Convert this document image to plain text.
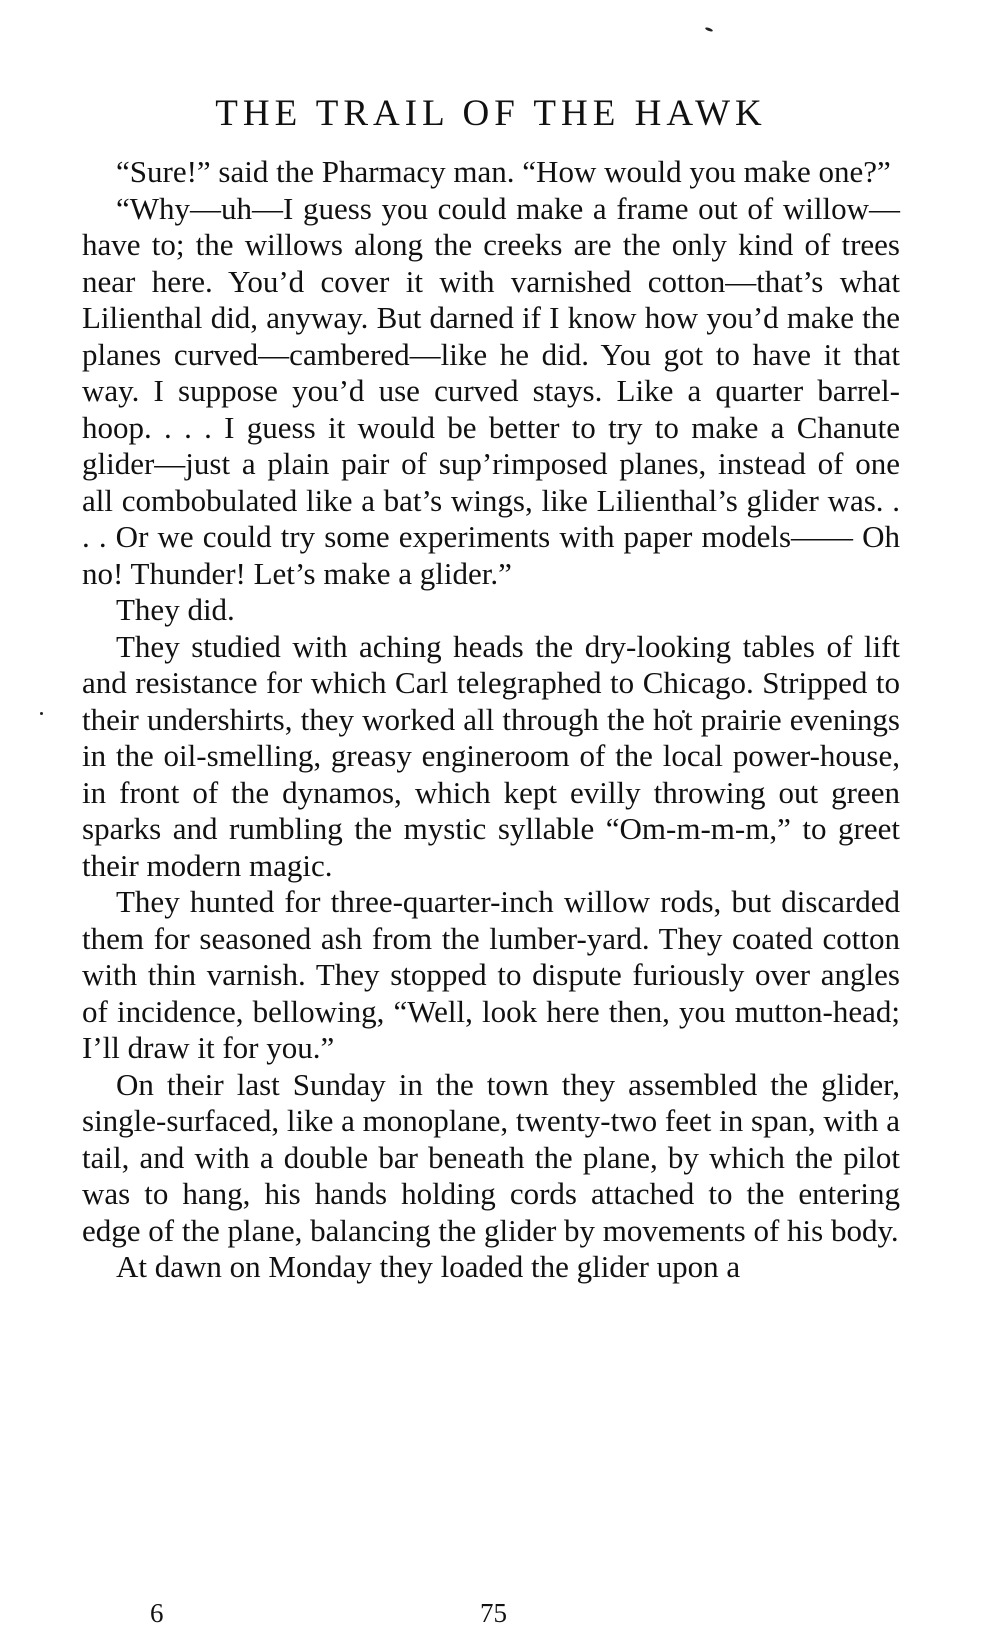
THE TRAIL OF THE HAWK

“Sure!” said the Pharmacy man. “How would you make one?”

“Why—uh—I guess you could make a frame out of willow—have to; the willows along the creeks are the only kind of trees near here. You’d cover it with varnished cotton—that’s what Lilienthal did, anyway. But darned if I know how you’d make the planes curved—cambered—like he did. You got to have it that way. I suppose you’d use curved stays. Like a quarter barrel-hoop. . . . I guess it would be better to try to make a Chanute glider—just a plain pair of sup’rimposed planes, instead of one all combobulated like a bat’s wings, like Lilienthal’s glider was. . . . Or we could try some experiments with paper models—— Oh no! Thunder! Let’s make a glider.”

They did.

They studied with aching heads the dry-looking tables of lift and resistance for which Carl telegraphed to Chicago. Stripped to their undershirts, they worked all through the hot prairie evenings in the oil-smelling, greasy engineroom of the local power-house, in front of the dynamos, which kept evilly throwing out green sparks and rumbling the mystic syllable “Om-m-m-m,” to greet their modern magic.

They hunted for three-quarter-inch willow rods, but discarded them for seasoned ash from the lumber-yard. They coated cotton with thin varnish. They stopped to dispute furiously over angles of incidence, bellowing, “Well, look here then, you mutton-head; I’ll draw it for you.”

On their last Sunday in the town they assembled the glider, single-surfaced, like a monoplane, twenty-two feet in span, with a tail, and with a double bar beneath the plane, by which the pilot was to hang, his hands holding cords attached to the entering edge of the plane, balancing the glider by movements of his body.

At dawn on Monday they loaded the glider upon a

6	75
